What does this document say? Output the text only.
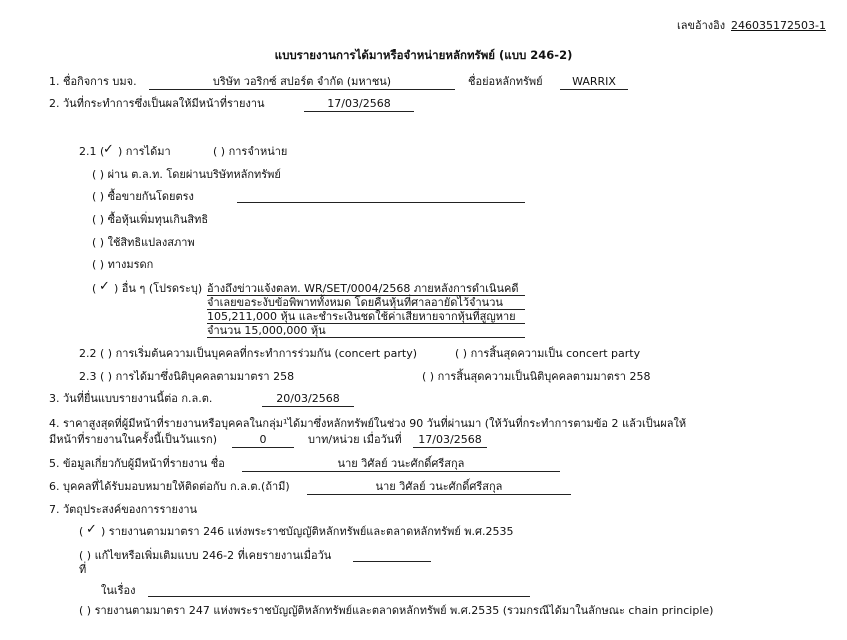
เลขอ้างอิง 246035172503-1
แบบรายงานการได้มาหรือจำหน่ายหลักทรัพย์ (แบบ 246-2)
1. ชื่อกิจการ บมจ.	บริษัท วอริกซ์ สปอร์ต จำกัด (มหาชน)	ชื่อย่อหลักทรัพย์	WARRIX
2. วันที่กระทำการซึ่งเป็นผลให้มีหน้าที่รายงาน	17/03/2568
2.1 (
✓ ) การได้มา	( ) การจำหน่าย
( ) ผ่าน ต.ล.ท. โดยผ่านบริษัทหลักทรัพย์
( ) ซื้อขายกันโดยตรง
( ) ซื้อหุ้นเพิ่มทุนเกินสิทธิ
( ) ใช้สิทธิแปลงสภาพ
( ) ทางมรดก
( ✓ ) อื่น ๆ (โปรดระบุ) อ้างถึงข่าวแจ้งตลท. WR/SET/0004/2568 ภายหลังการดำเนินคดี
จำเลยขอระงับข้อพิพาททั้งหมด โดยคืนหุ้นที่ศาลอายัดไว้จำนวน
105,211,000 หุ้น และชำระเงินชดใช้ค่าเสียหายจากหุ้นที่สูญหาย
จำนวน 15,000,000 หุ้น
2.2 ( ) การเริ่มต้นความเป็นบุคคลที่กระทำการร่วมกัน (concert party)	( ) การสิ้นสุดความเป็น concert party
2.3 ( ) การได้มาซึ่งนิติบุคคลตามมาตรา 258	( ) การสิ้นสุดความเป็นนิติบุคคลตามมาตรา 258
3. วันที่ยื่นแบบรายงานนี้ต่อ ก.ล.ต.	20/03/2568
4. ราคาสูงสุดที่ผู้มีหน้าที่รายงานหรือบุคคลในกลุ่ม¹ได้มาซึ่งหลักทรัพย์ในช่วง 90 วันที่ผ่านมา (ให้วันที่กระทำการตามข้อ 2 แล้วเป็นผลให้
มีหน้าที่รายงานในครั้งนี้เป็นวันแรก)	0	บาท/หน่วย เมื่อวันที่	17/03/2568
5. ข้อมูลเกี่ยวกับผู้มีหน้าที่รายงาน ชื่อ	นาย วิศัลย์ วนะศักดิ์ศรีสกุล
6. บุคคลที่ได้รับมอบหมายให้ติดต่อกับ ก.ล.ต.(ถ้ามี)	นาย วิศัลย์ วนะศักดิ์ศรีสกุล
7. วัตถุประสงค์ของการรายงาน
( ✓ ) รายงานตามมาตรา 246 แห่งพระราชบัญญัติหลักทรัพย์และตลาดหลักทรัพย์ พ.ศ.2535
( ) แก้ไขหรือเพิ่มเติมแบบ 246-2 ที่เคยรายงานเมื่อวัน
ที่
ในเรื่อง
( ) รายงานตามมาตรา 247 แห่งพระราชบัญญัติหลักทรัพย์และตลาดหลักทรัพย์ พ.ศ.2535 (รวมกรณีได้มาในลักษณะ chain principle)
